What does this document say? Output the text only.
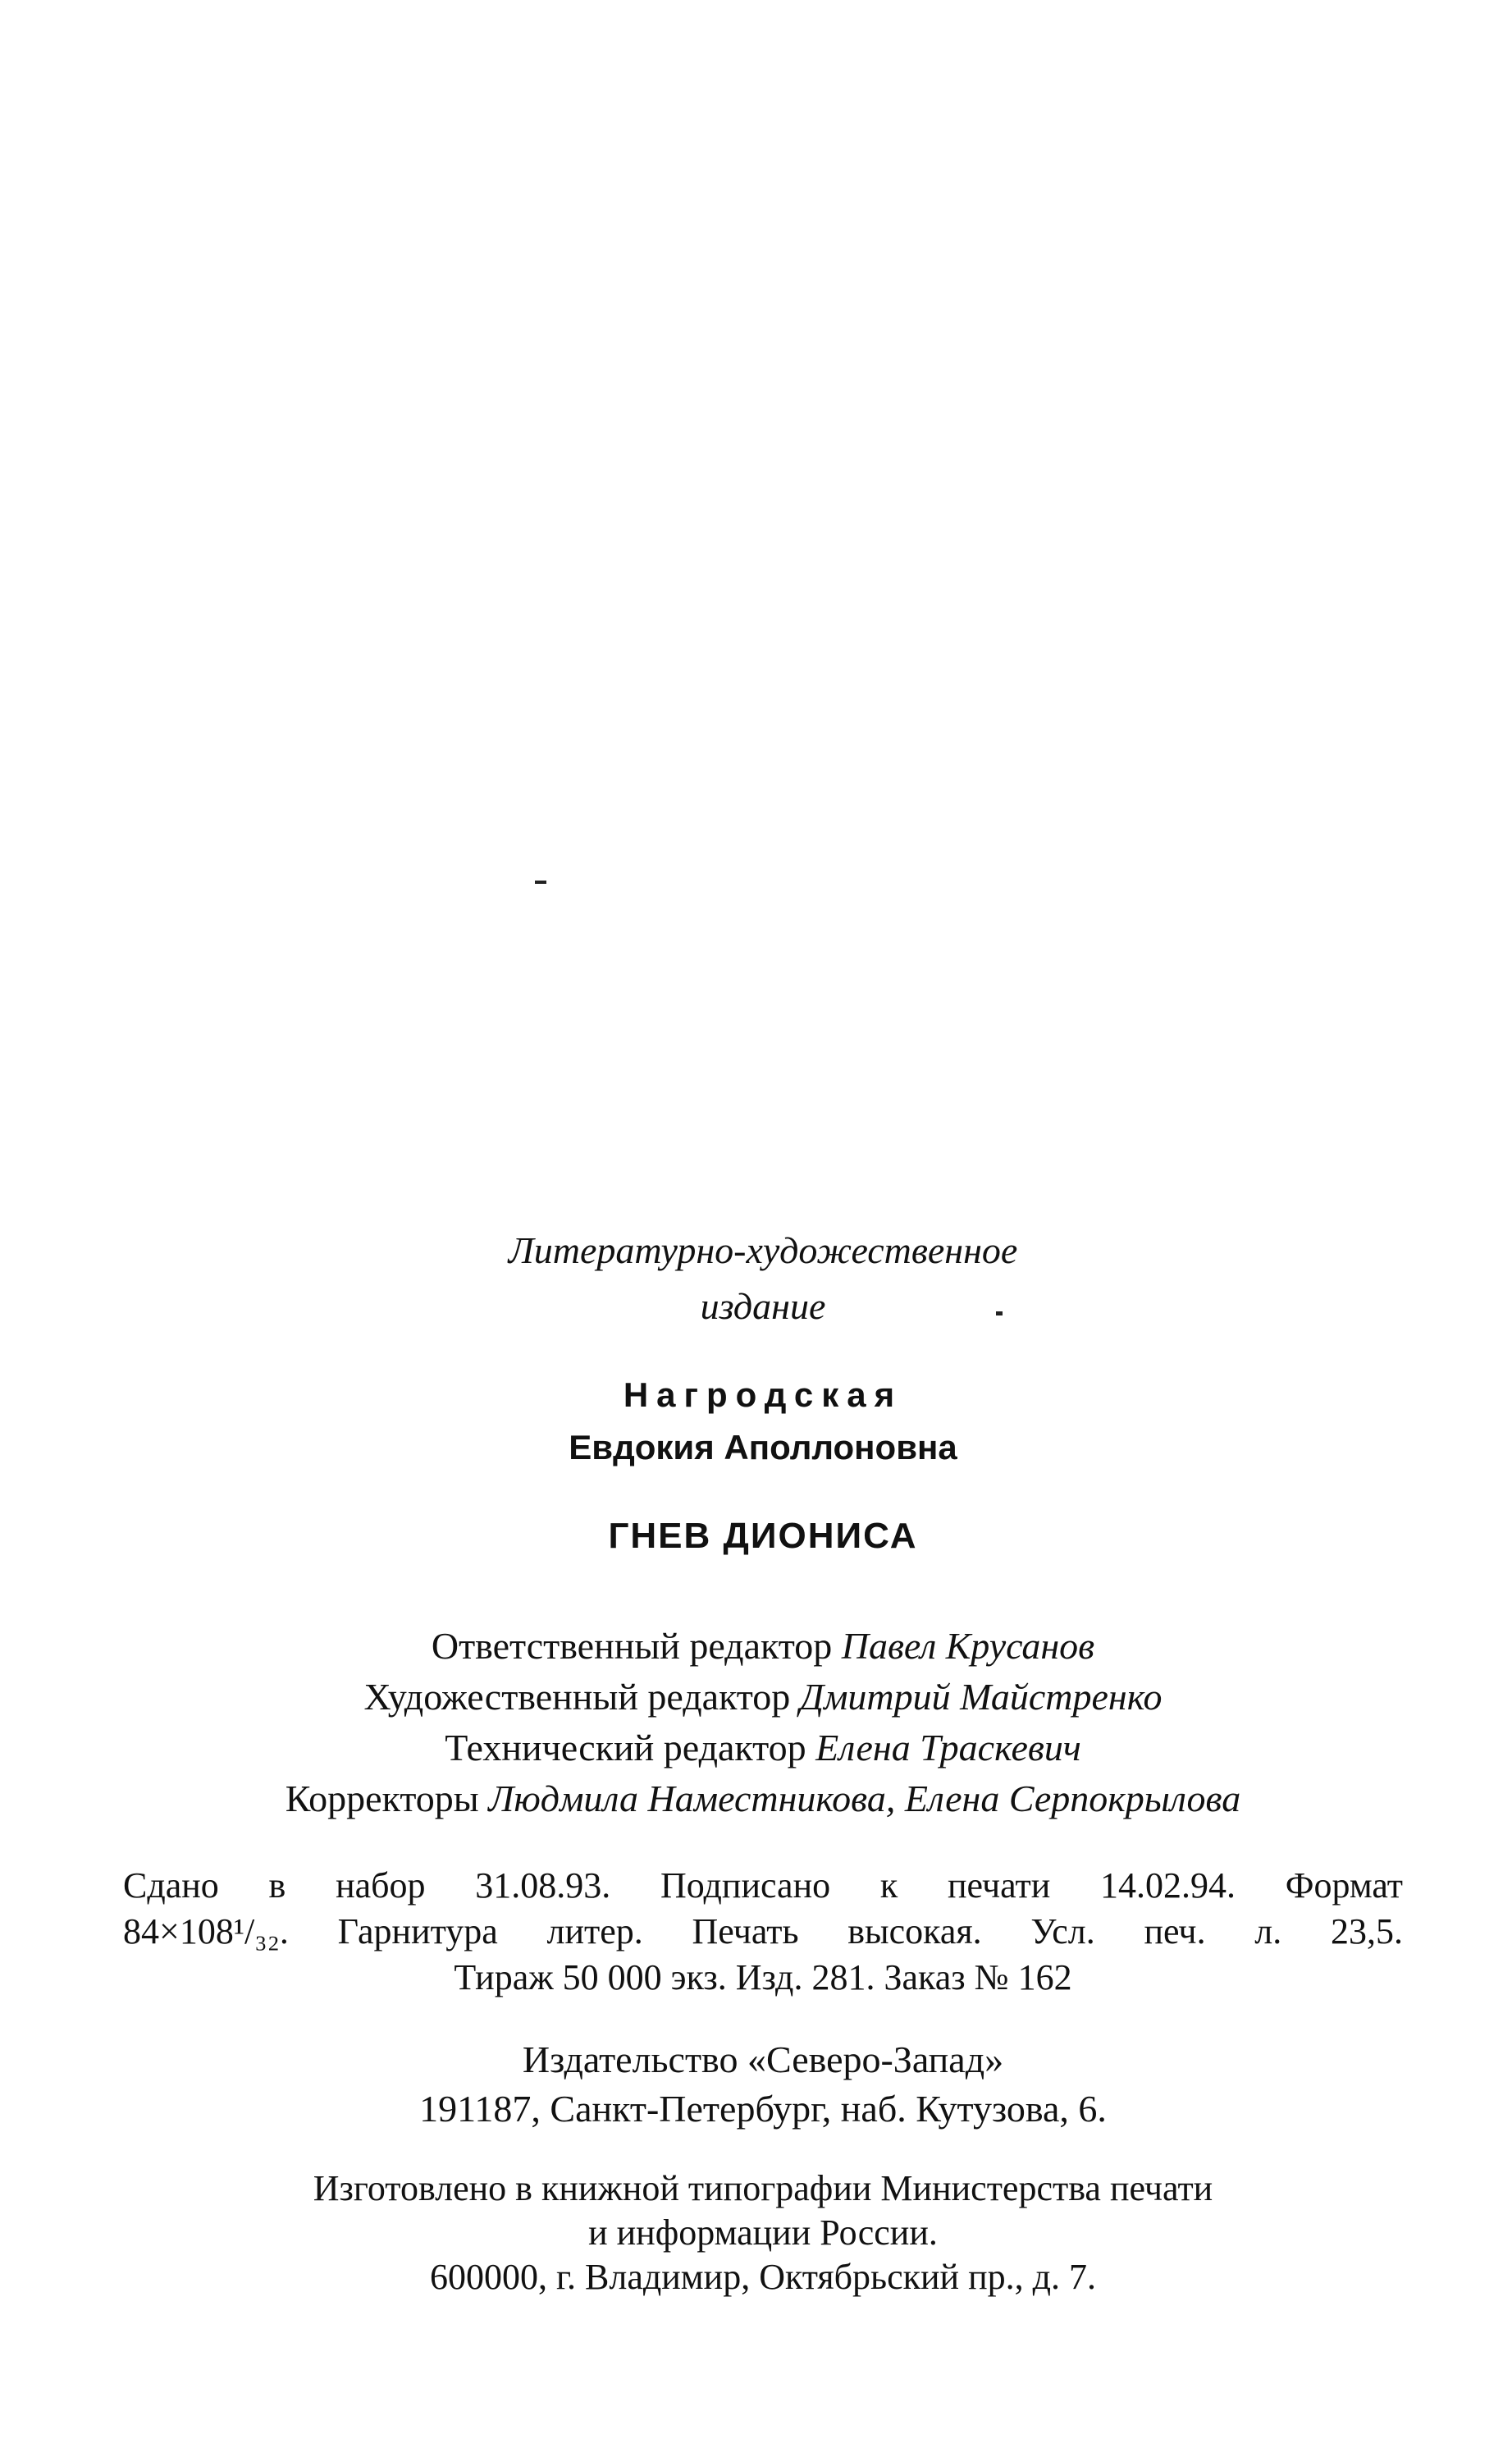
Литературно-художественное
издание
Нагродская
Евдокия Аполлоновна
ГНЕВ ДИОНИСА
Ответственный редактор Павел Крусанов
Художественный редактор Дмитрий Майстренко
Технический редактор Елена Траскевич
Корректоры Людмила Наместникова, Елена Серпокрылова
Сдано в набор 31.08.93. Подписано к печати 14.02.94. Формат
84×108¹/₃₂. Гарнитура литер. Печать высокая. Усл. печ. л. 23,5.
Тираж 50 000 экз. Изд. 281. Заказ № 162
Издательство «Северо-Запад»
191187, Санкт-Петербург, наб. Кутузова, 6.
Изготовлено в книжной типографии Министерства печати
и информации России.
600000, г. Владимир, Октябрьский пр., д. 7.
